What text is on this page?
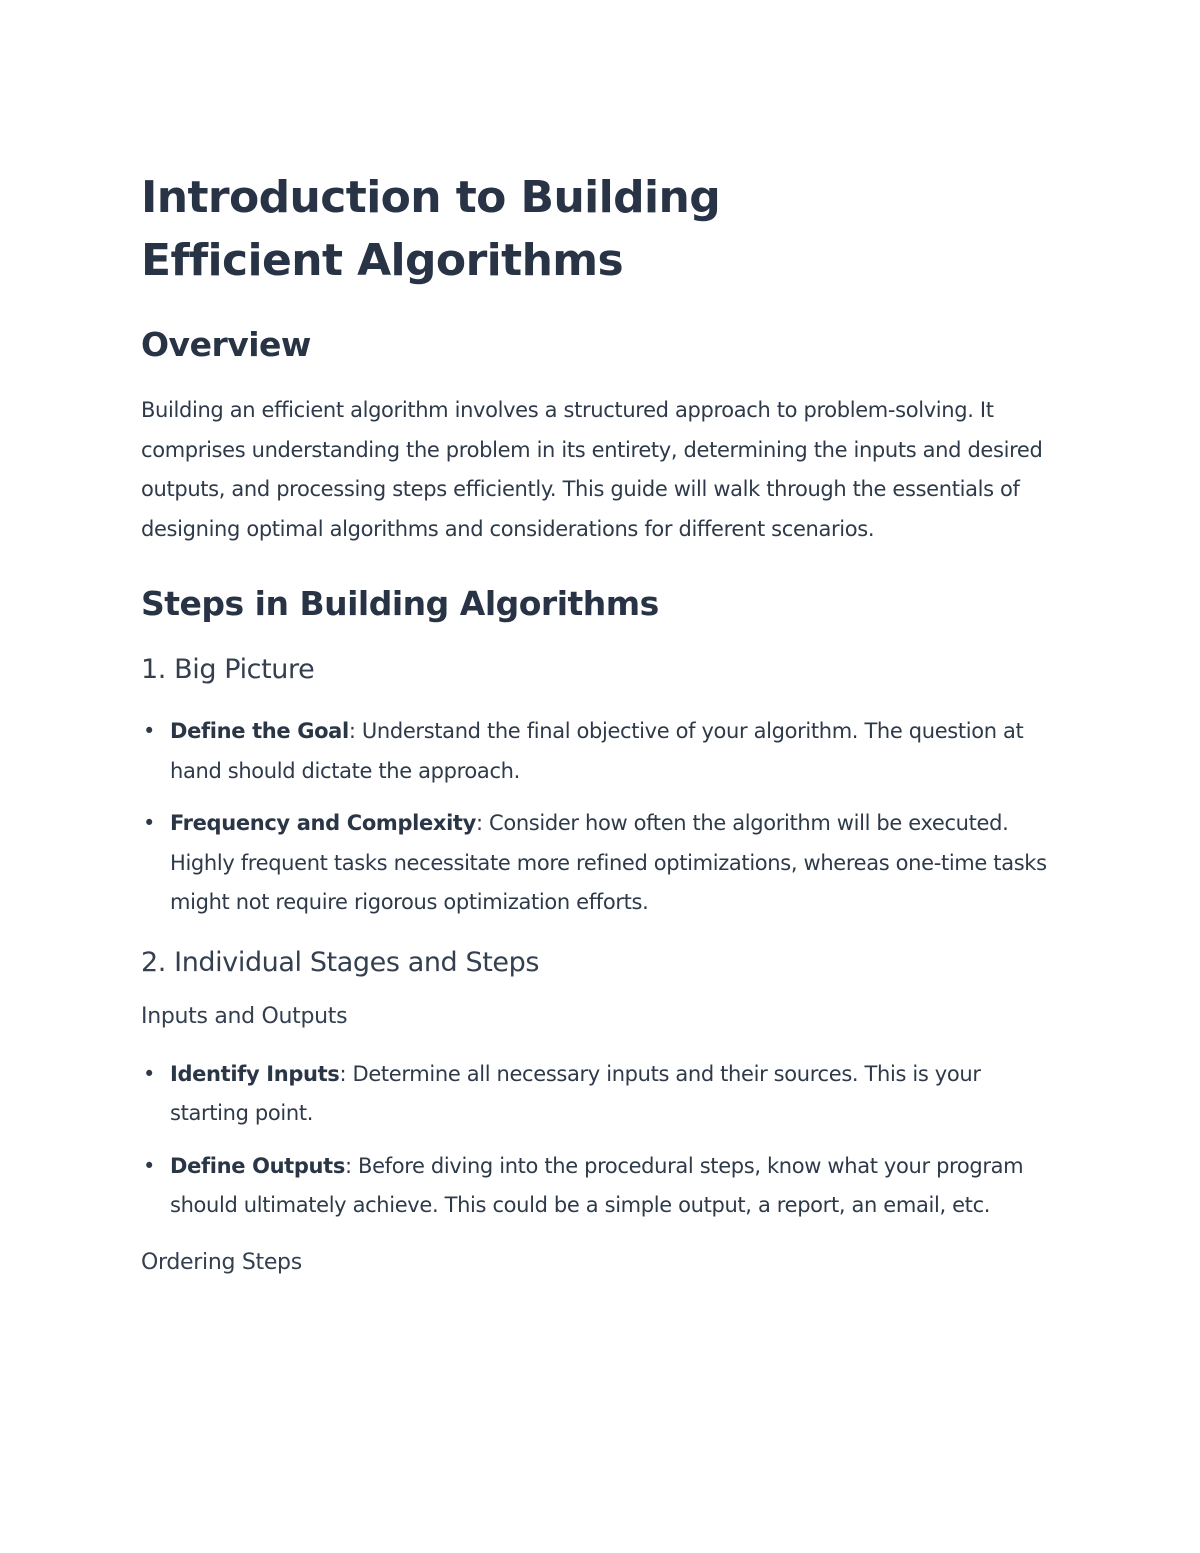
Introduction to Building Efficient Algorithms
Overview

Building an efficient algorithm involves a structured approach to problem-solving. It comprises understanding the problem in its entirety, determining the inputs and desired outputs, and processing steps efficiently. This guide will walk through the essentials of designing optimal algorithms and considerations for different scenarios.

Steps in Building Algorithms
1. Big Picture
• Define the Goal: Understand the final objective of your algorithm. The question at hand should dictate the approach.
• Frequency and Complexity: Consider how often the algorithm will be executed. Highly frequent tasks necessitate more refined optimizations, whereas one-time tasks might not require rigorous optimization efforts.
2. Individual Stages and Steps
Inputs and Outputs
• Identify Inputs: Determine all necessary inputs and their sources. This is your starting point.
• Define Outputs: Before diving into the procedural steps, know what your program should ultimately achieve. This could be a simple output, a report, an email, etc.
Ordering Steps
